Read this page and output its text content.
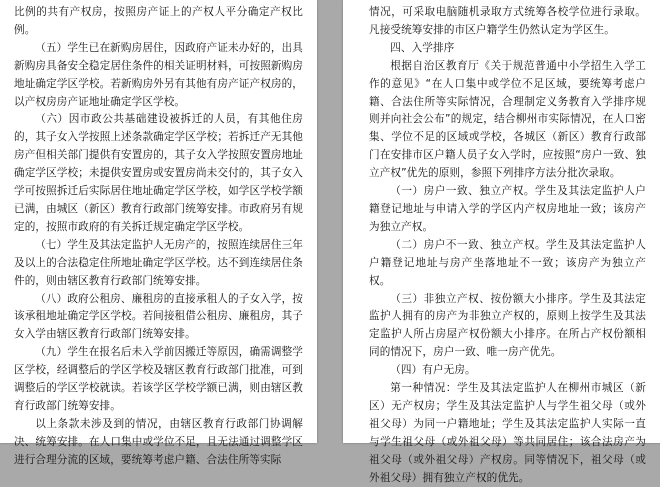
比例的共有产权房，按照房产证上的产权人平分确定产权比例。

（五）学生已在新购房居住，因政府产证未办好的，出具新购房具备安全稳定居住条件的相关证明材料，可按照新购房地址确定学区学校。若新购房外另有其他有房产证产权房的，以产权房房产证地址确定学区学校。

（六）因市政公共基础建设被拆迁的人员，有其他住房的，其子女入学按照上述条款确定学区学校；若拆迁产无其他房产但相关部门提供有安置房的，其子女入学按照安置房地址确定学区学校；未提供安置房或安置房尚未交付的，其子女入学可按照拆迁后实际居住地址确定学区学校，如学区学校学额已满，由城区（新区）教育行政部门统筹安排。市政府另有规定的，按照市政府的有关拆迁规定确定学区学校。

（七）学生及其法定监护人无房产的，按照连续居住三年及以上的合法稳定住所地址确定学区学校。达不到连续居住条件的，则由辖区教育行政部门统筹安排。

（八）政府公租房、廉租房的直接承租人的子女入学，按该承租地址确定学区学校。若间接租借公租房、廉租房，其子女入学由辖区教育行政部门统筹安排。

（九）学生在报名后未入学前因搬迁等原因，确需调整学区学校，经调整后的学区学校及辖区教育行政部门批准，可到调整后的学区学校就读。若该学区学校学额已满，则由辖区教育行政部门统筹安排。

以上条款未涉及到的情况，由辖区教育行政部门协调解决、统筹安排。在人口集中或学位不足，且无法通过调整学区进行合理分流的区域，要统筹考虑户籍、合法住所等实际

情况，可采取电脑随机录取方式统筹各校学位进行录取。凡接受统筹安排的市区户籍学生仍然认定为学区生。

四、入学排序

根据自治区教育厅《关于规范普通中小学招生入学工作的意见》“在人口集中或学位不足区域，要统筹考虑户籍、合法住所等实际情况，合理制定义务教育入学排序规则并向社会公布”的规定，结合柳州市实际情况，在人口密集、学位不足的区域或学校，各城区（新区）教育行政部门在安排市区户籍人员子女入学时，应按照“房户一致、独立产权”优先的原则，参照下列排序方法分批次录取。

（一）房户一致、独立产权。学生及其法定监护人户籍登记地址与申请入学的学区内产权房地址一致；该房产为独立产权。

（二）房户不一致、独立产权。学生及其法定监护人户籍登记地址与房产坐落地址不一致；该房产为独立产权。

（三）非独立产权、按份额大小排序。学生及其法定监护人拥有的房产为非独立产权的，原则上按学生及其法定监护人所占房屋产权份额大小排序。在所占产权份额相同的情况下，房户一致、唯一房产优先。

（四）有户无房。

第一种情况：学生及其法定监护人在柳州市城区（新区）无产权房；学生及其法定监护人与学生祖父母（或外祖父母）为同一户籍地址；学生及其法定监护人实际一直与学生祖父母（或外祖父母）等共同居住；该合法房产为祖父母（或外祖父母）产权房。同等情况下，祖父母（或外祖父母）拥有独立产权的优先。
